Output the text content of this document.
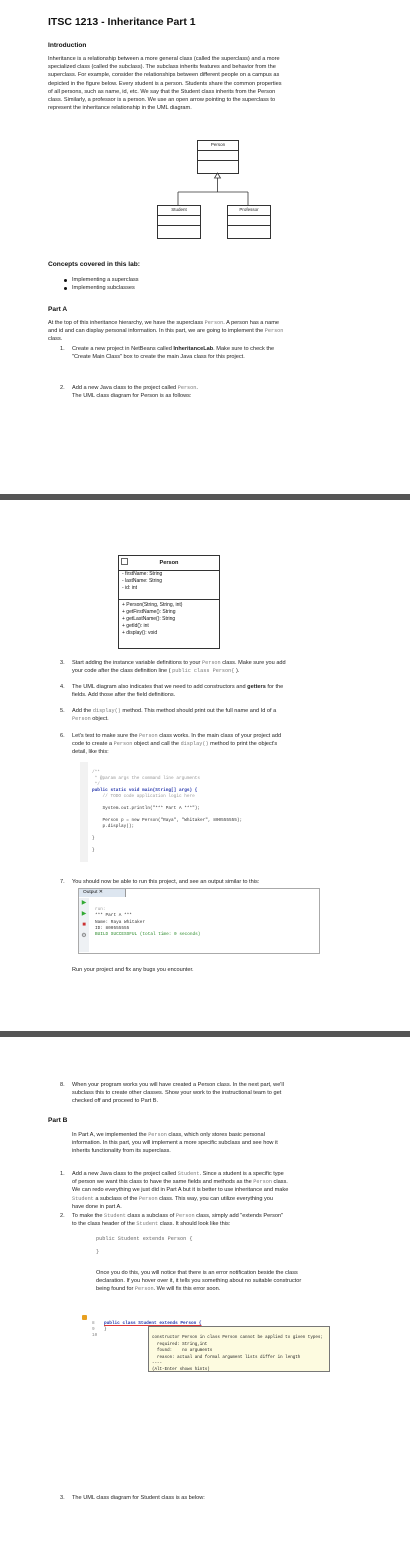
ITSC 1213 - Inheritance Part 1
Introduction
Inheritance is a relationship between a more general class (called the superclass) and a more
specialized class (called the subclass). The subclass inherits features and behavior from the
superclass. For example, consider the relationships between different people on a campus as
depicted in the figure below. Every student is a person. Students share the common properties
of all persons, such as name, id, etc. We say that the Student class inherits from the Person
class. Similarly, a professor is a person. We use an open arrow pointing to the superclass to
represent the inheritance relationship in the UML diagram.
Person
Student	Professor
Concepts covered in this lab:
Implementing a superclass
Implementing subclasses
Part A
At the top of this inheritance hierarchy, we have the superclass Person. A person has a name
and id and can display personal information. In this part, we are going to implement the Person
class.
1. Create a new project in NetBeans called InheritanceLab. Make sure to check the
"Create Main Class" box to create the main Java class for this project.
2. Add a new Java class to the project called Person.
The UML class diagram for Person is as follows:
Person
- firstName: String
- lastName: String
- id: int
+ Person(String, String, int)
+ getFirstName(): String
+ getLastName(): String
+ getId(): int
+ display(): void
3. Start adding the instance variable definitions to your Person class. Make sure you add
your code after the class definition line ( public class Person{ ).
4. The UML diagram also indicates that we need to add constructors and getters for the
fields. Add those after the field definitions.
5. Add the display() method. This method should print out the full name and Id of a
Person object.
6. Let's test to make sure the Person class works. In the main class of your project add
code to create a Person object and call the display() method to print the object's
detail, like this:

/**
* @param args the command line arguments
*/
public static void main(String[] args) {
// TODO code application logic here

System.out.println("*** Part A ***");

Person p = new Person("Raya", "Whitaker", 800555555);
p.display();

}

}
7. You should now be able to run this project, and see an output similar to this:
Output ✕
▶
▶
■
⚙

run:
*** Part A ***
Name: Raya Whitaker
ID: 800555555
BUILD SUCCESSFUL (total time: 0 seconds)
Run your project and fix any bugs you encounter.
8. When your program works you will have created a Person class. In the next part, we'll
subclass this to create other classes. Show your work to the instructional team to get
checked off and proceed to Part B.
Part B
In Part A, we implemented the Person class, which only stores basic personal
information. In this part, you will implement a more specific subclass and see how it
inherits functionality from its superclass.
1. Add a new Java class to the project called Student. Since a student is a specific type
of person we want this class to have the same fields and methods as the Person class.
We can redo everything we just did in Part A but it is better to use inheritance and make
Student a subclass of the Person class. This way, you can utilize everything you
have done in part A.
2. To make the Student class a subclass of Person class, simply add "extends Person"
to the class header of the Student class. It should look like this:

public Student extends Person {

}
Once you do this, you will notice that there is an error notification beside the class
declaration. If you hover over it, it tells you something about no suitable constructor
being found for Person. We will fix this error soon.

8
9
10

public class Student extends Person {
}

constructor Person in class Person cannot be applied to given types;
required: String,int
found:    no arguments
reason: actual and formal argument lists differ in length
----
(Alt-Enter shows hints)
3. The UML class diagram for Student class is as below:
